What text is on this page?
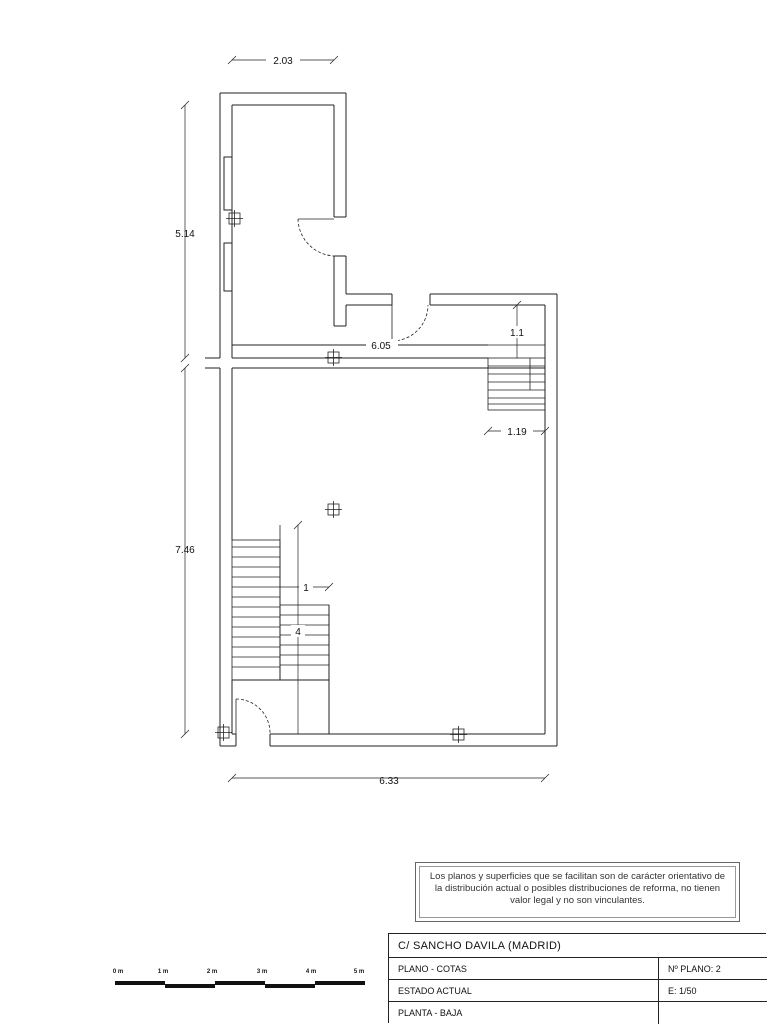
2.03
5.14
6.05
1.1
1.19
7.46
1
4
6.33
0 m	1 m	2 m	3 m	4 m	5 m
Los planos y superficies que se facilitan son de carácter orientativo de
la distribución actual o posibles distribuciones de reforma, no tienen
valor legal y no son vinculantes.
C/ SANCHO DAVILA (MADRID)
PLANO - COTAS	Nº PLANO: 2
ESTADO ACTUAL	E: 1/50
PLANTA - BAJA
